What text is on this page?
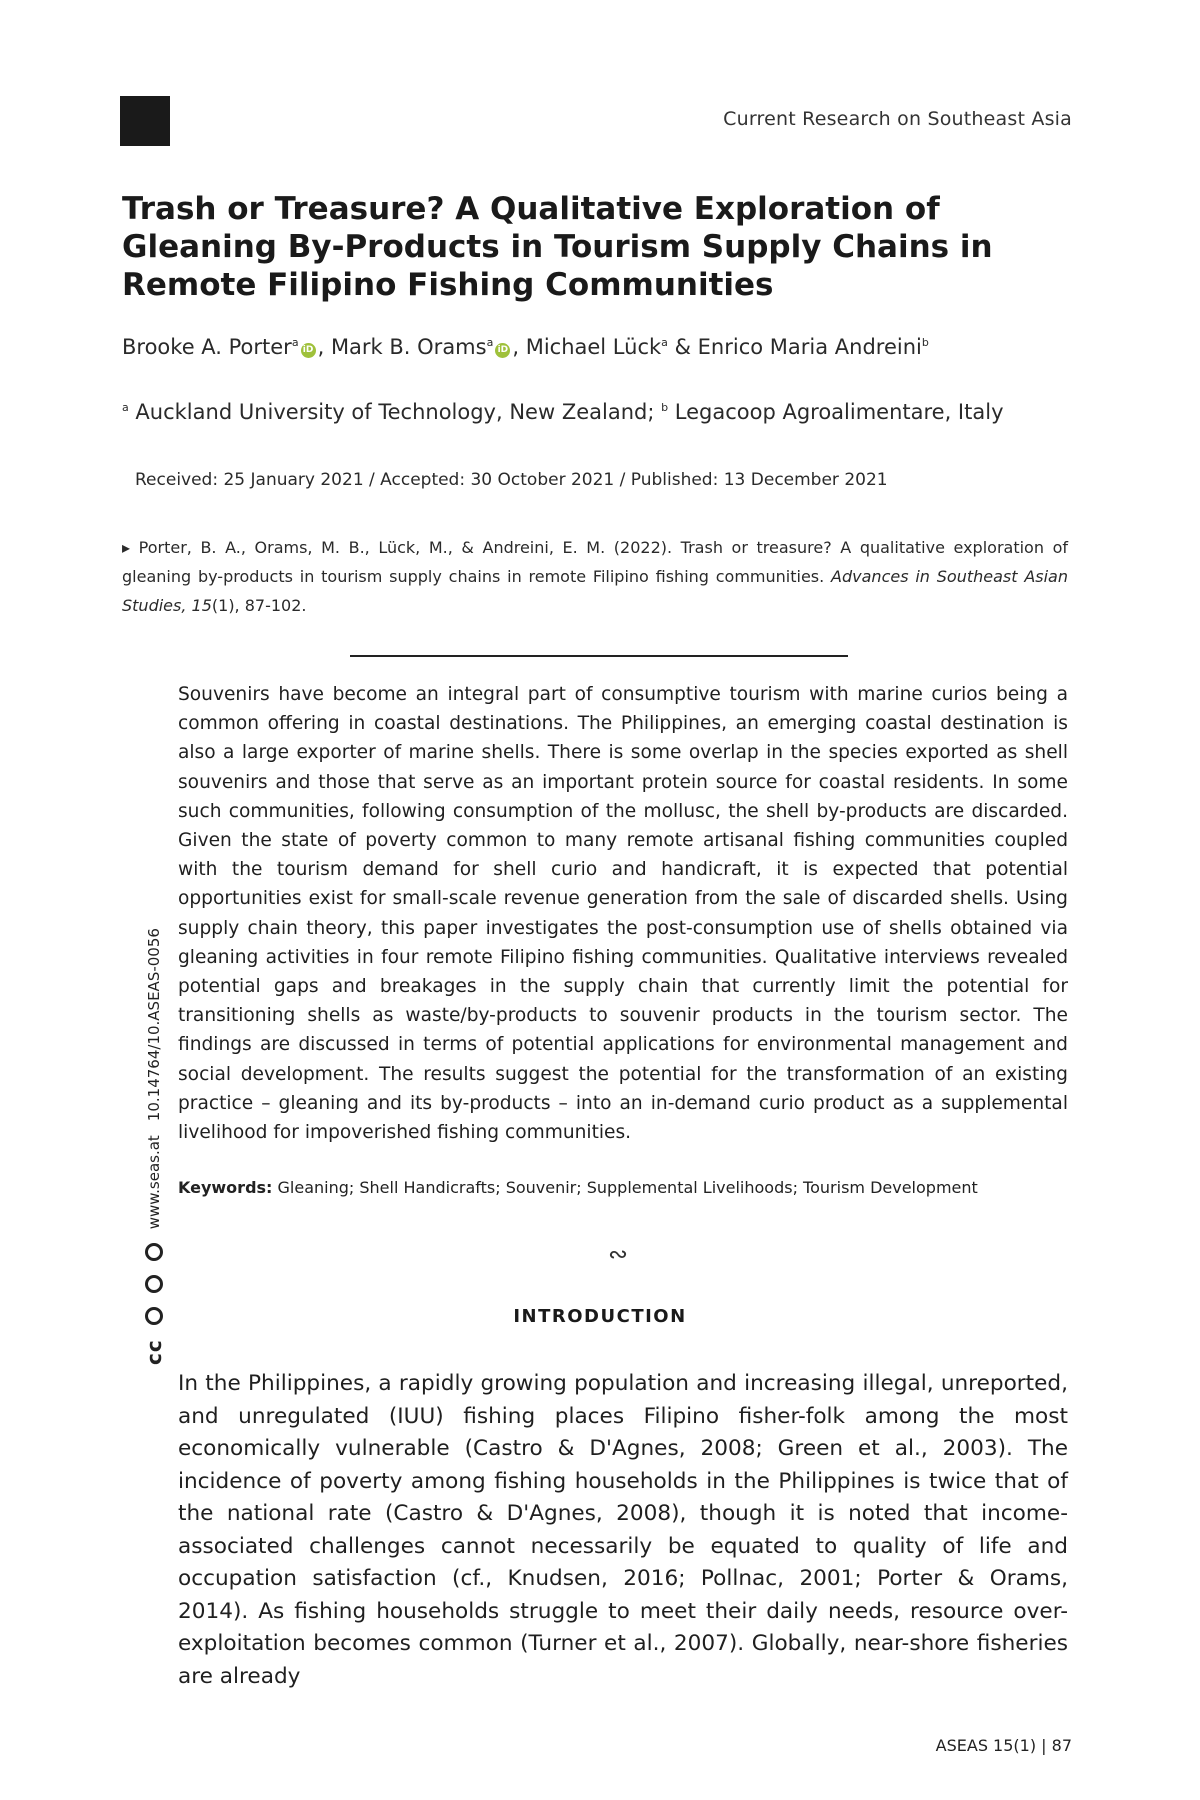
Current Research on Southeast Asia
Trash or Treasure? A Qualitative Exploration of Gleaning By-Products in Tourism Supply Chains in Remote Filipino Fishing Communities
Brooke A. Porter$^a$iD , Mark B. Orams$^a$iD , Michael Lück$^a$ & Enrico Maria Andreini$^b$
$^a$ Auckland University of Technology, New Zealand; $^b$ Legacoop Agroalimentare, Italy
Received: 25 January 2021 / Accepted: 30 October 2021 / Published: 13 December 2021
▸ Porter, B. A., Orams, M. B., Lück, M., & Andreini, E. M. (2022). Trash or treasure? A qualitative exploration of gleaning by-products in tourism supply chains in remote Filipino fishing communities. Advances in Southeast Asian Studies, 15(1), 87-102.
Souvenirs have become an integral part of consumptive tourism with marine curios being a common offering in coastal destinations. The Philippines, an emerging coastal destination is also a large exporter of marine shells. There is some overlap in the species exported as shell souvenirs and those that serve as an important protein source for coastal residents. In some such communities, following consumption of the mollusc, the shell by-products are discarded. Given the state of poverty common to many remote artisanal fishing communities coupled with the tourism demand for shell curio and handicraft, it is expected that potential opportunities exist for small-scale revenue generation from the sale of discarded shells. Using supply chain theory, this paper investigates the post-consumption use of shells obtained via gleaning activities in four remote Filipino fishing communities. Qualitative interviews revealed potential gaps and breakages in the supply chain that currently limit the potential for transitioning shells as waste/by-products to souvenir products in the tourism sector. The findings are discussed in terms of potential applications for environmental management and social development. The results suggest the potential for the transformation of an existing practice – gleaning and its by-products – into an in-demand curio product as a supplemental livelihood for impoverished fishing communities.
Keywords: Gleaning; Shell Handicrafts; Souvenir; Supplemental Livelihoods; Tourism Development
∾
INTRODUCTION
In the Philippines, a rapidly growing population and increasing illegal, unreported, and unregulated (IUU) fishing places Filipino fisher-folk among the most economically vulnerable (Castro & D'Agnes, 2008; Green et al., 2003). The incidence of poverty among fishing households in the Philippines is twice that of the national rate (Castro & D'Agnes, 2008), though it is noted that income-associated challenges cannot necessarily be equated to quality of life and occupation satisfaction (cf., Knudsen, 2016; Pollnac, 2001; Porter & Orams, 2014). As fishing households struggle to meet their daily needs, resource over-exploitation becomes common (Turner et al., 2007). Globally, near-shore fisheries are already
cc
www.seas.at
10.14764/10.ASEAS-0056
ASEAS 15(1) | 87
